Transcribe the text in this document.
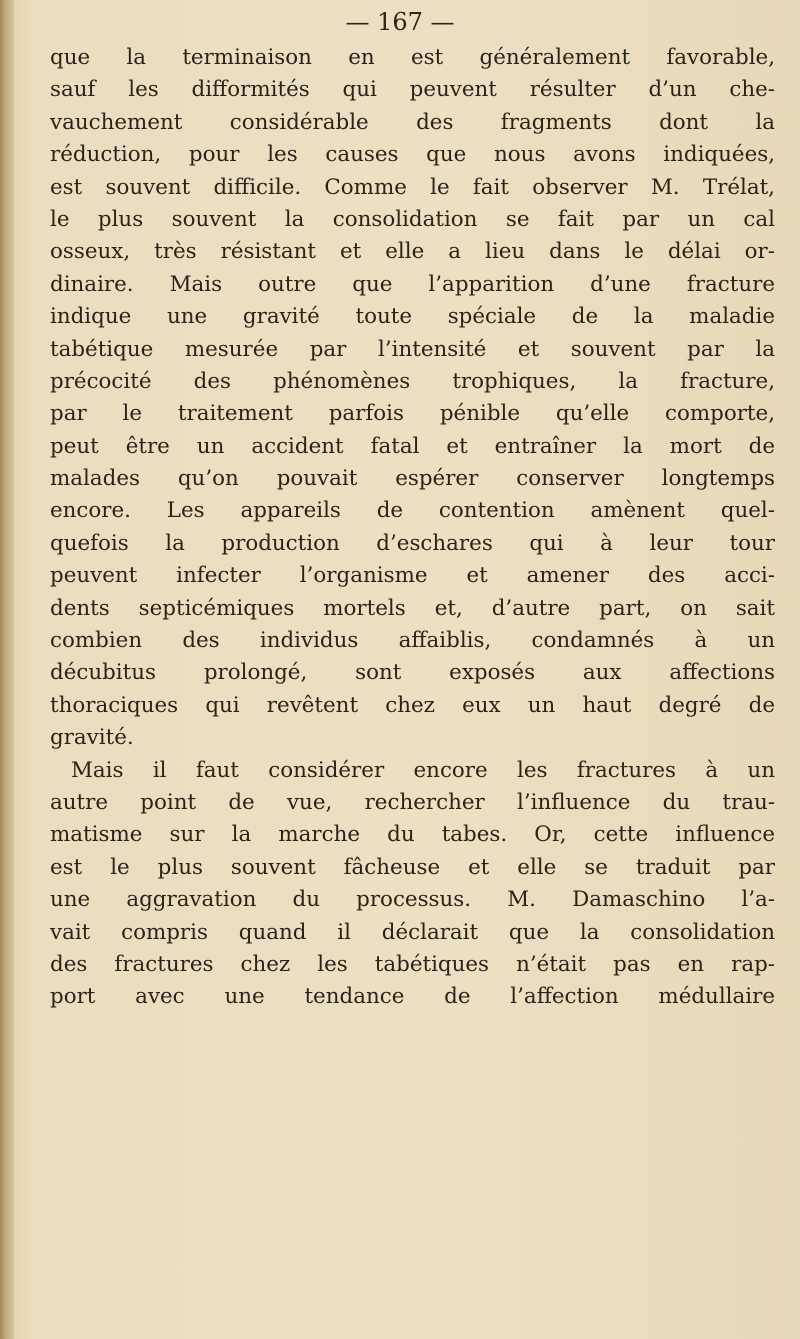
— 167 —
que la terminaison en est généralement favorable,
sauf les difformités qui peuvent résulter d’un che-
vauchement considérable des fragments dont la
réduction, pour les causes que nous avons indiquées,
est souvent difficile. Comme le fait observer M. Trélat,
le plus souvent la consolidation se fait par un cal
osseux, très résistant et elle a lieu dans le délai or-
dinaire. Mais outre que l’apparition d’une fracture
indique une gravité toute spéciale de la maladie
tabétique mesurée par l’intensité et souvent par la
précocité des phénomènes trophiques, la fracture,
par le traitement parfois pénible qu’elle comporte,
peut être un accident fatal et entraîner la mort de
malades qu’on pouvait espérer conserver longtemps
encore. Les appareils de contention amènent quel-
quefois la production d’eschares qui à leur tour
peuvent infecter l’organisme et amener des acci-
dents septicémiques mortels et, d’autre part, on sait
combien des individus affaiblis, condamnés à un
décubitus prolongé, sont exposés aux affections
thoraciques qui revêtent chez eux un haut degré de
gravité.
Mais il faut considérer encore les fractures à un
autre point de vue, rechercher l’influence du trau-
matisme sur la marche du tabes. Or, cette influence
est le plus souvent fâcheuse et elle se traduit par
une aggravation du processus. M. Damaschino l’a-
vait compris quand il déclarait que la consolidation
des fractures chez les tabétiques n’était pas en rap-
port avec une tendance de l’affection médullaire
